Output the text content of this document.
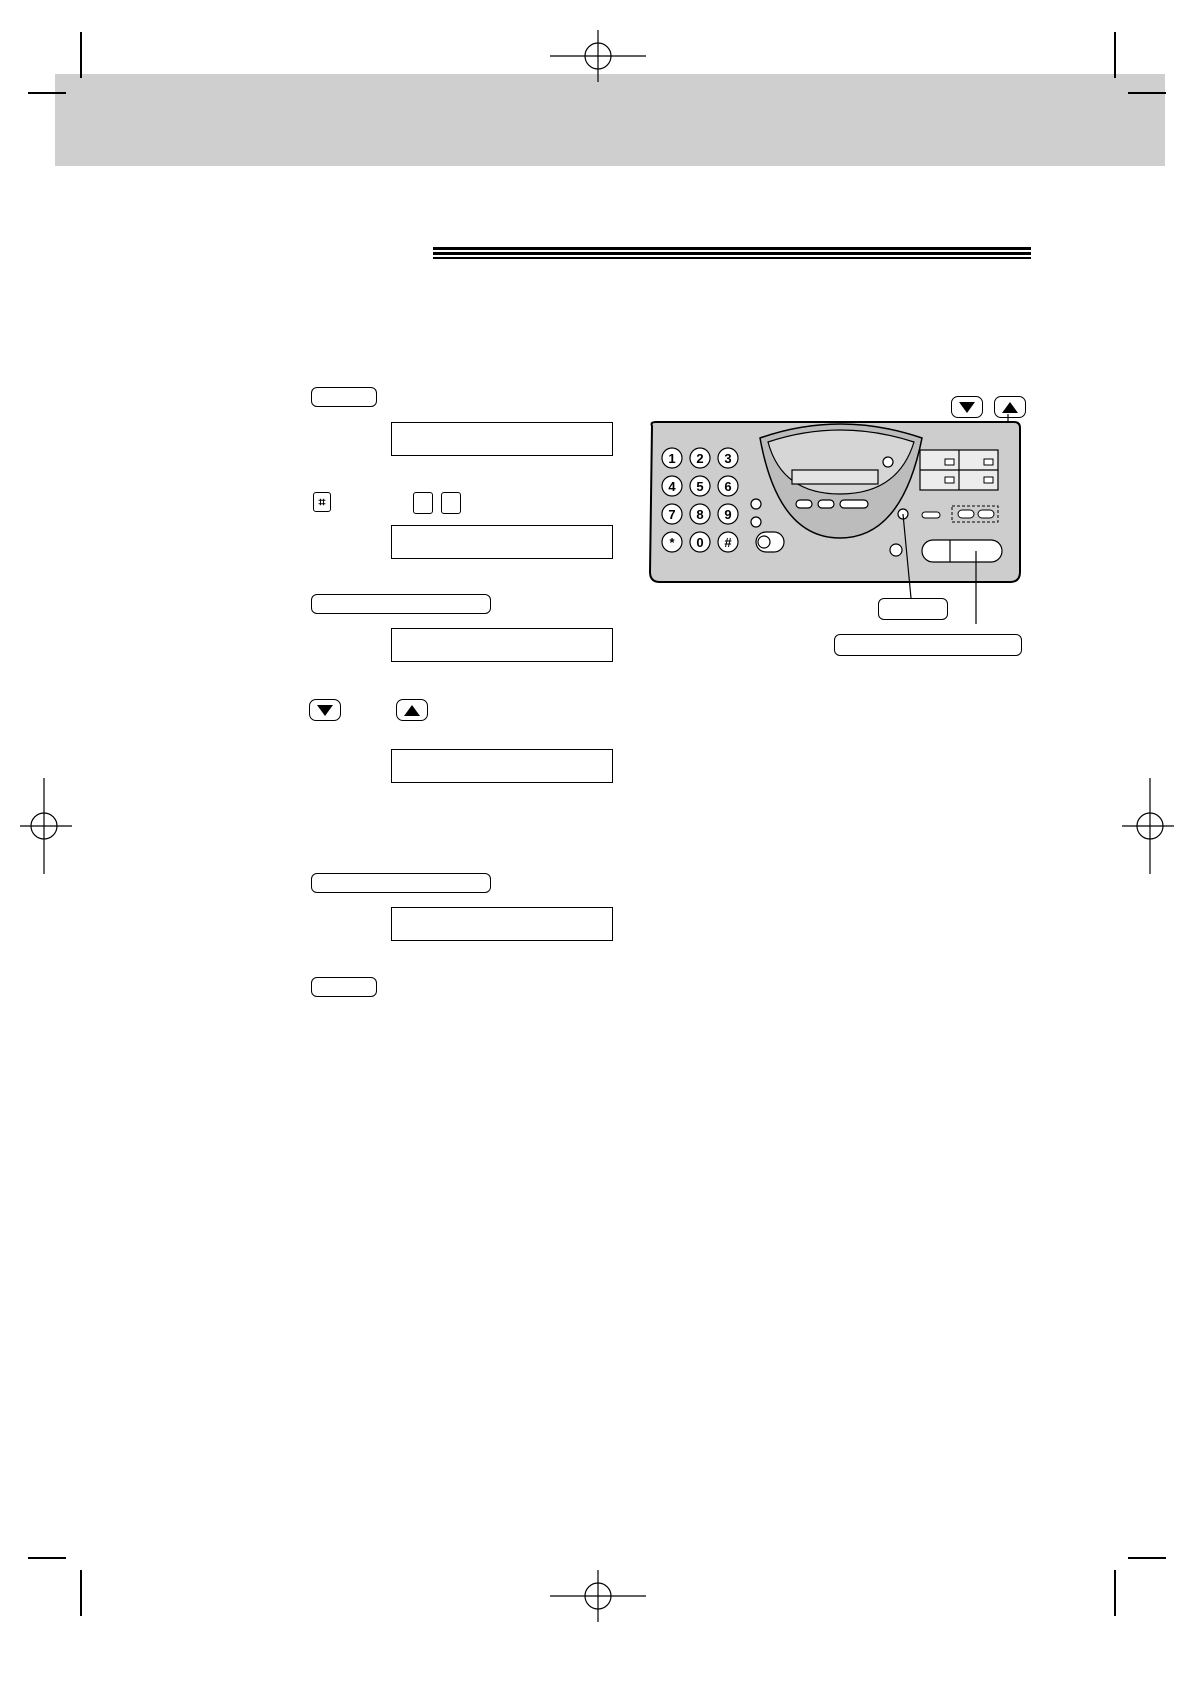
⌗
1 2 3
4 5 6
7 8 9
* 0 #
